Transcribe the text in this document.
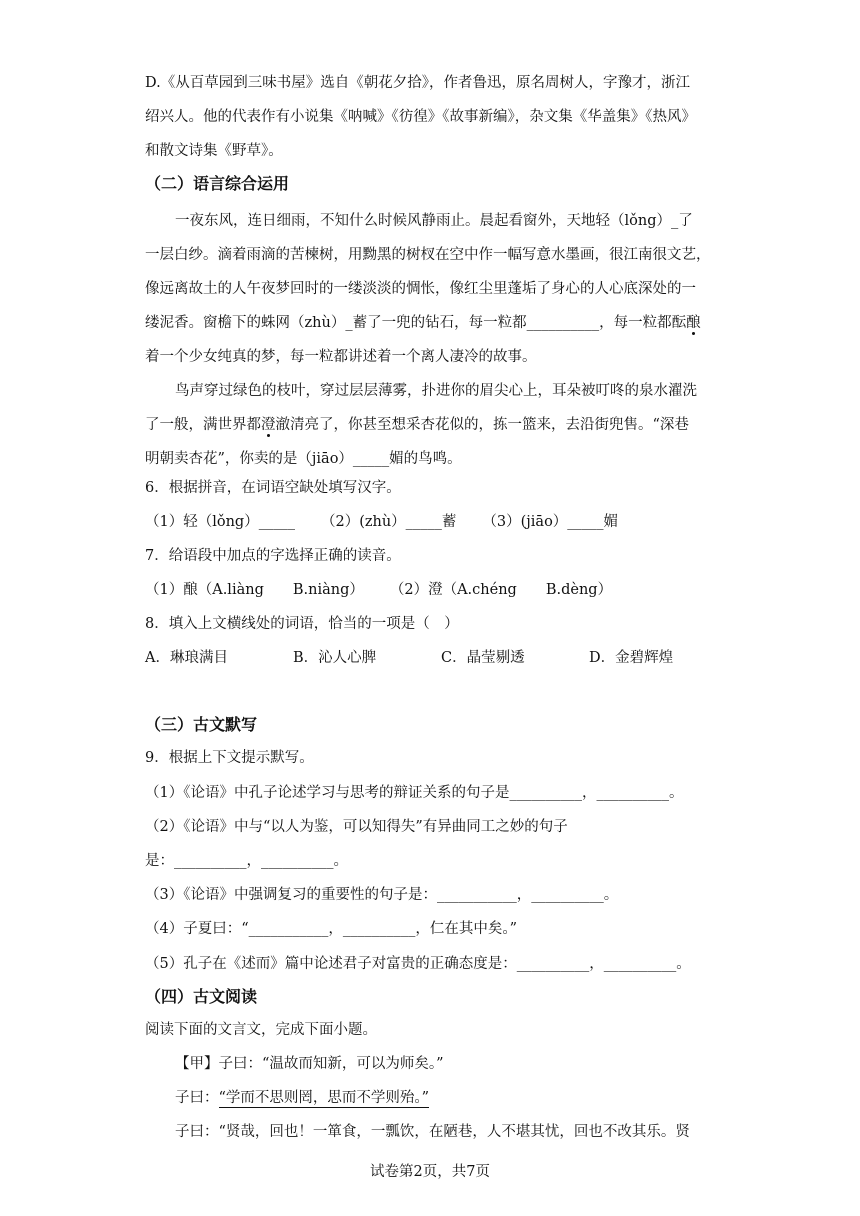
D.《从百草园到三味书屋》选自《朝花夕拾》，作者鲁迅，原名周树人，字豫才，浙江

绍兴人。他的代表作有小说集《呐喊》《彷徨》《故事新编》，杂文集《华盖集》《热风》

和散文诗集《野草》。

（二）语言综合运用

一夜东风，连日细雨，不知什么时候风静雨止。晨起看窗外，天地轻（lǒng）_了

一层白纱。滴着雨滴的苦楝树，用黝黑的树杈在空中作一幅写意水墨画，很江南很文艺，

像远离故土的人午夜梦回时的一缕淡淡的惆怅，像红尘里蓬垢了身心的人心底深处的一

缕泥香。窗檐下的蛛网（zhù）_蓄了一兜的钻石，每一粒都__________，每一粒都酝酿

着一个少女纯真的梦，每一粒都讲述着一个离人凄冷的故事。

鸟声穿过绿色的枝叶，穿过层层薄雾，扑进你的眉尖心上，耳朵被叮咚的泉水濯洗

了一般，满世界都澄澈清亮了，你甚至想采杏花似的，拣一篮来，去沿街兜售。“深巷

明朝卖杏花”，你卖的是（jiāo）_____媚的鸟鸣。

6．根据拼音，在词语空缺处填写汉字。
（1）轻（lǒng）_____ （2）(zhù）_____蓄 （3）(jiāo）_____媚
7．给语段中加点的字选择正确的读音。
（1）酿（A.liàng　　B.niàng） （2）澄（A.chéng　　B.dèng）
8．填入上文横线处的词语，恰当的一项是（　）
A．琳琅满目	B．沁人心脾	C．晶莹剔透	D．金碧辉煌
（三）古文默写
9．根据上下文提示默写。
（1）《论语》中孔子论述学习与思考的辩证关系的句子是__________，__________。
（2）《论语》中与“以人为鉴，可以知得失”有异曲同工之妙的句子
是：__________，__________。
（3）《论语》中强调复习的重要性的句子是：___________，__________。
（4）子夏曰：“___________，__________，仁在其中矣。”
（5）孔子在《述而》篇中论述君子对富贵的正确态度是：__________，__________。
（四）古文阅读
阅读下面的文言文，完成下面小题。
【甲】子曰：“温故而知新，可以为师矣。”
子曰：“学而不思则罔，思而不学则殆。”
子曰：“贤哉，回也！一箪食，一瓢饮，在陋巷，人不堪其忧，回也不改其乐。贤
试卷第2页，共7页
